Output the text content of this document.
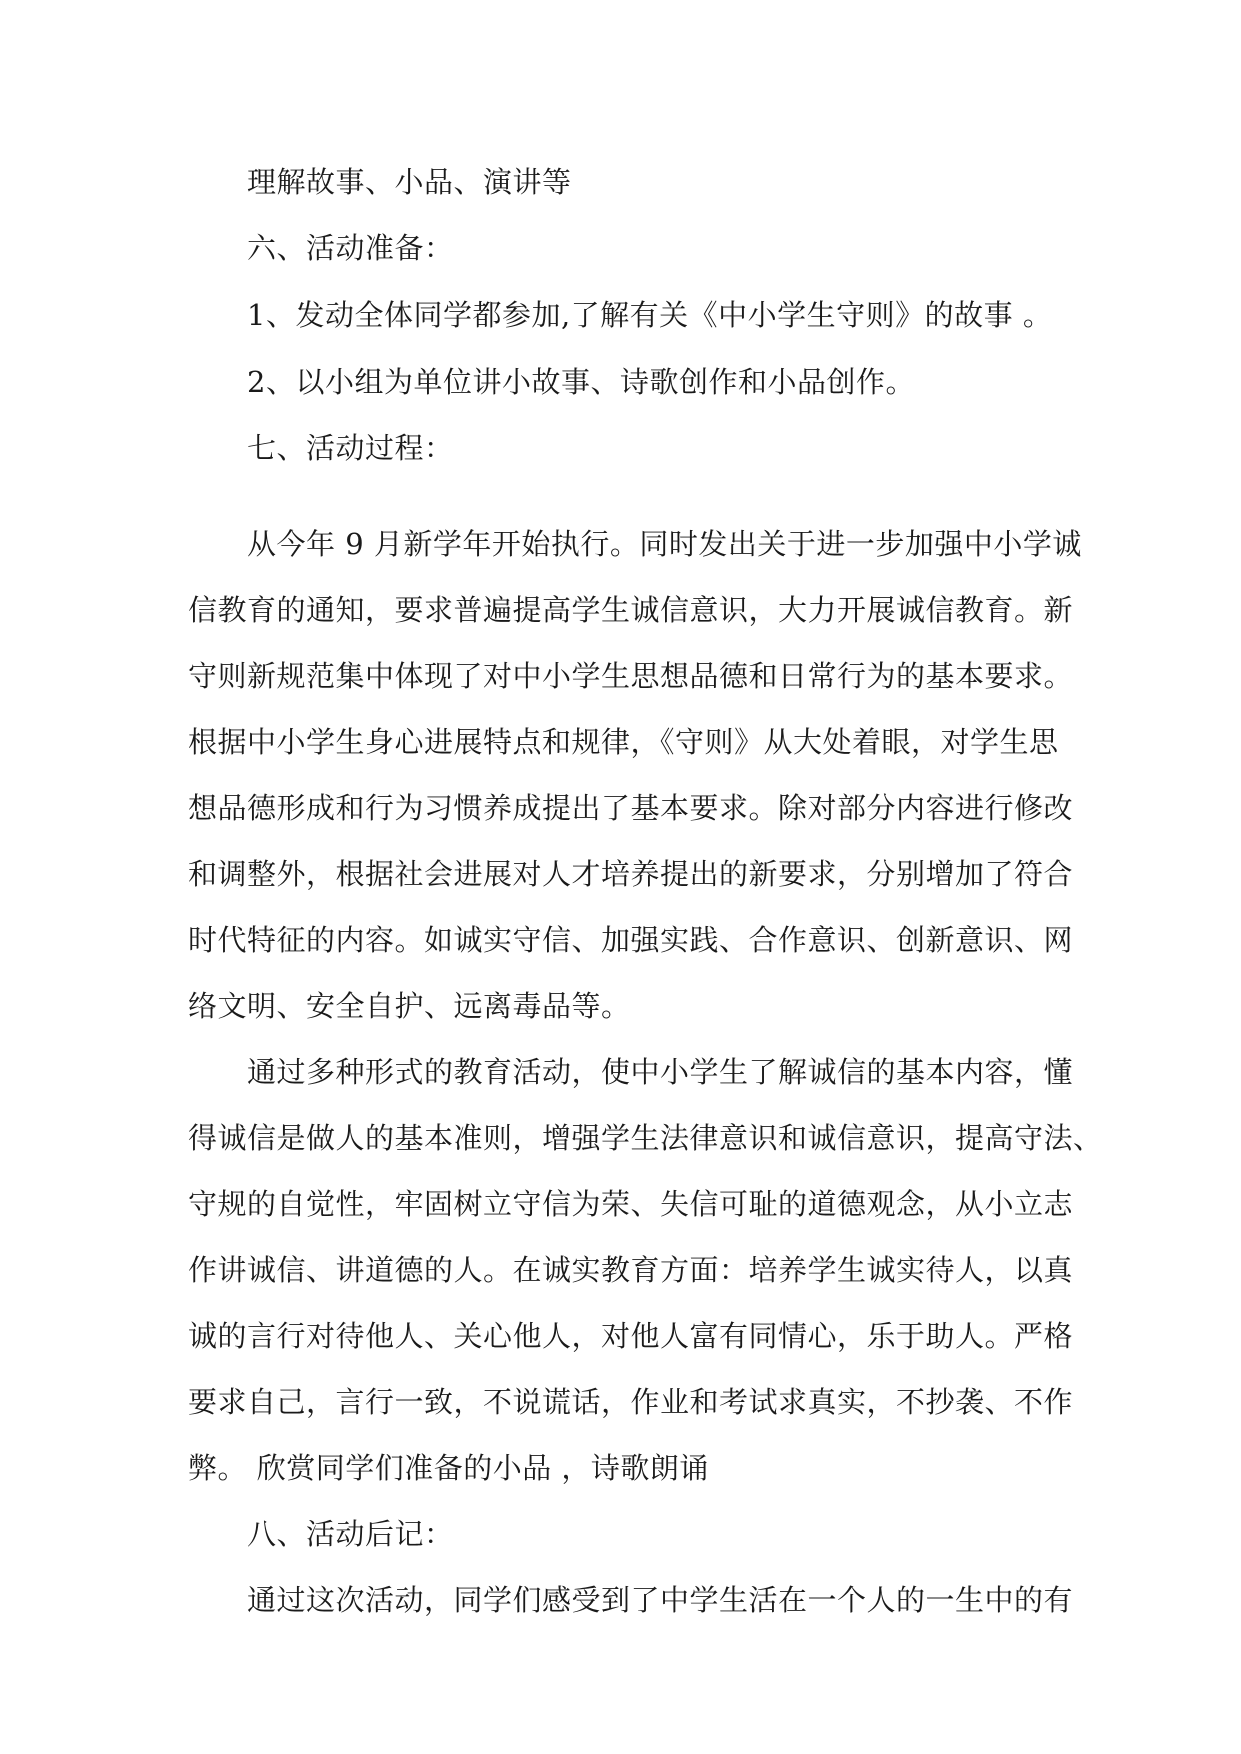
理解故事、小品、演讲等
六、活动准备：
1、发动全体同学都参加,了解有关《中小学生守则》的故事 。
2、以小组为单位讲小故事、诗歌创作和小品创作。
七、活动过程：
从今年 9 月新学年开始执行。同时发出关于进一步加强中小学诚
信教育的通知，要求普遍提高学生诚信意识，大力开展诚信教育。新
守则新规范集中体现了对中小学生思想品德和日常行为的基本要求。
根据中小学生身心进展特点和规律，《守则》从大处着眼，对学生思
想品德形成和行为习惯养成提出了基本要求。除对部分内容进行修改
和调整外，根据社会进展对人才培养提出的新要求，分别增加了符合
时代特征的内容。如诚实守信、加强实践、合作意识、创新意识、网
络文明、安全自护、远离毒品等。
通过多种形式的教育活动，使中小学生了解诚信的基本内容，懂
得诚信是做人的基本准则，增强学生法律意识和诚信意识，提高守法、
守规的自觉性，牢固树立守信为荣、失信可耻的道德观念，从小立志
作讲诚信、讲道德的人。在诚实教育方面：培养学生诚实待人，以真
诚的言行对待他人、关心他人，对他人富有同情心，乐于助人。严格
要求自己，言行一致，不说谎话，作业和考试求真实，不抄袭、不作
弊。 欣赏同学们准备的小品 ，诗歌朗诵
八、活动后记：
通过这次活动，同学们感受到了中学生活在一个人的一生中的有
